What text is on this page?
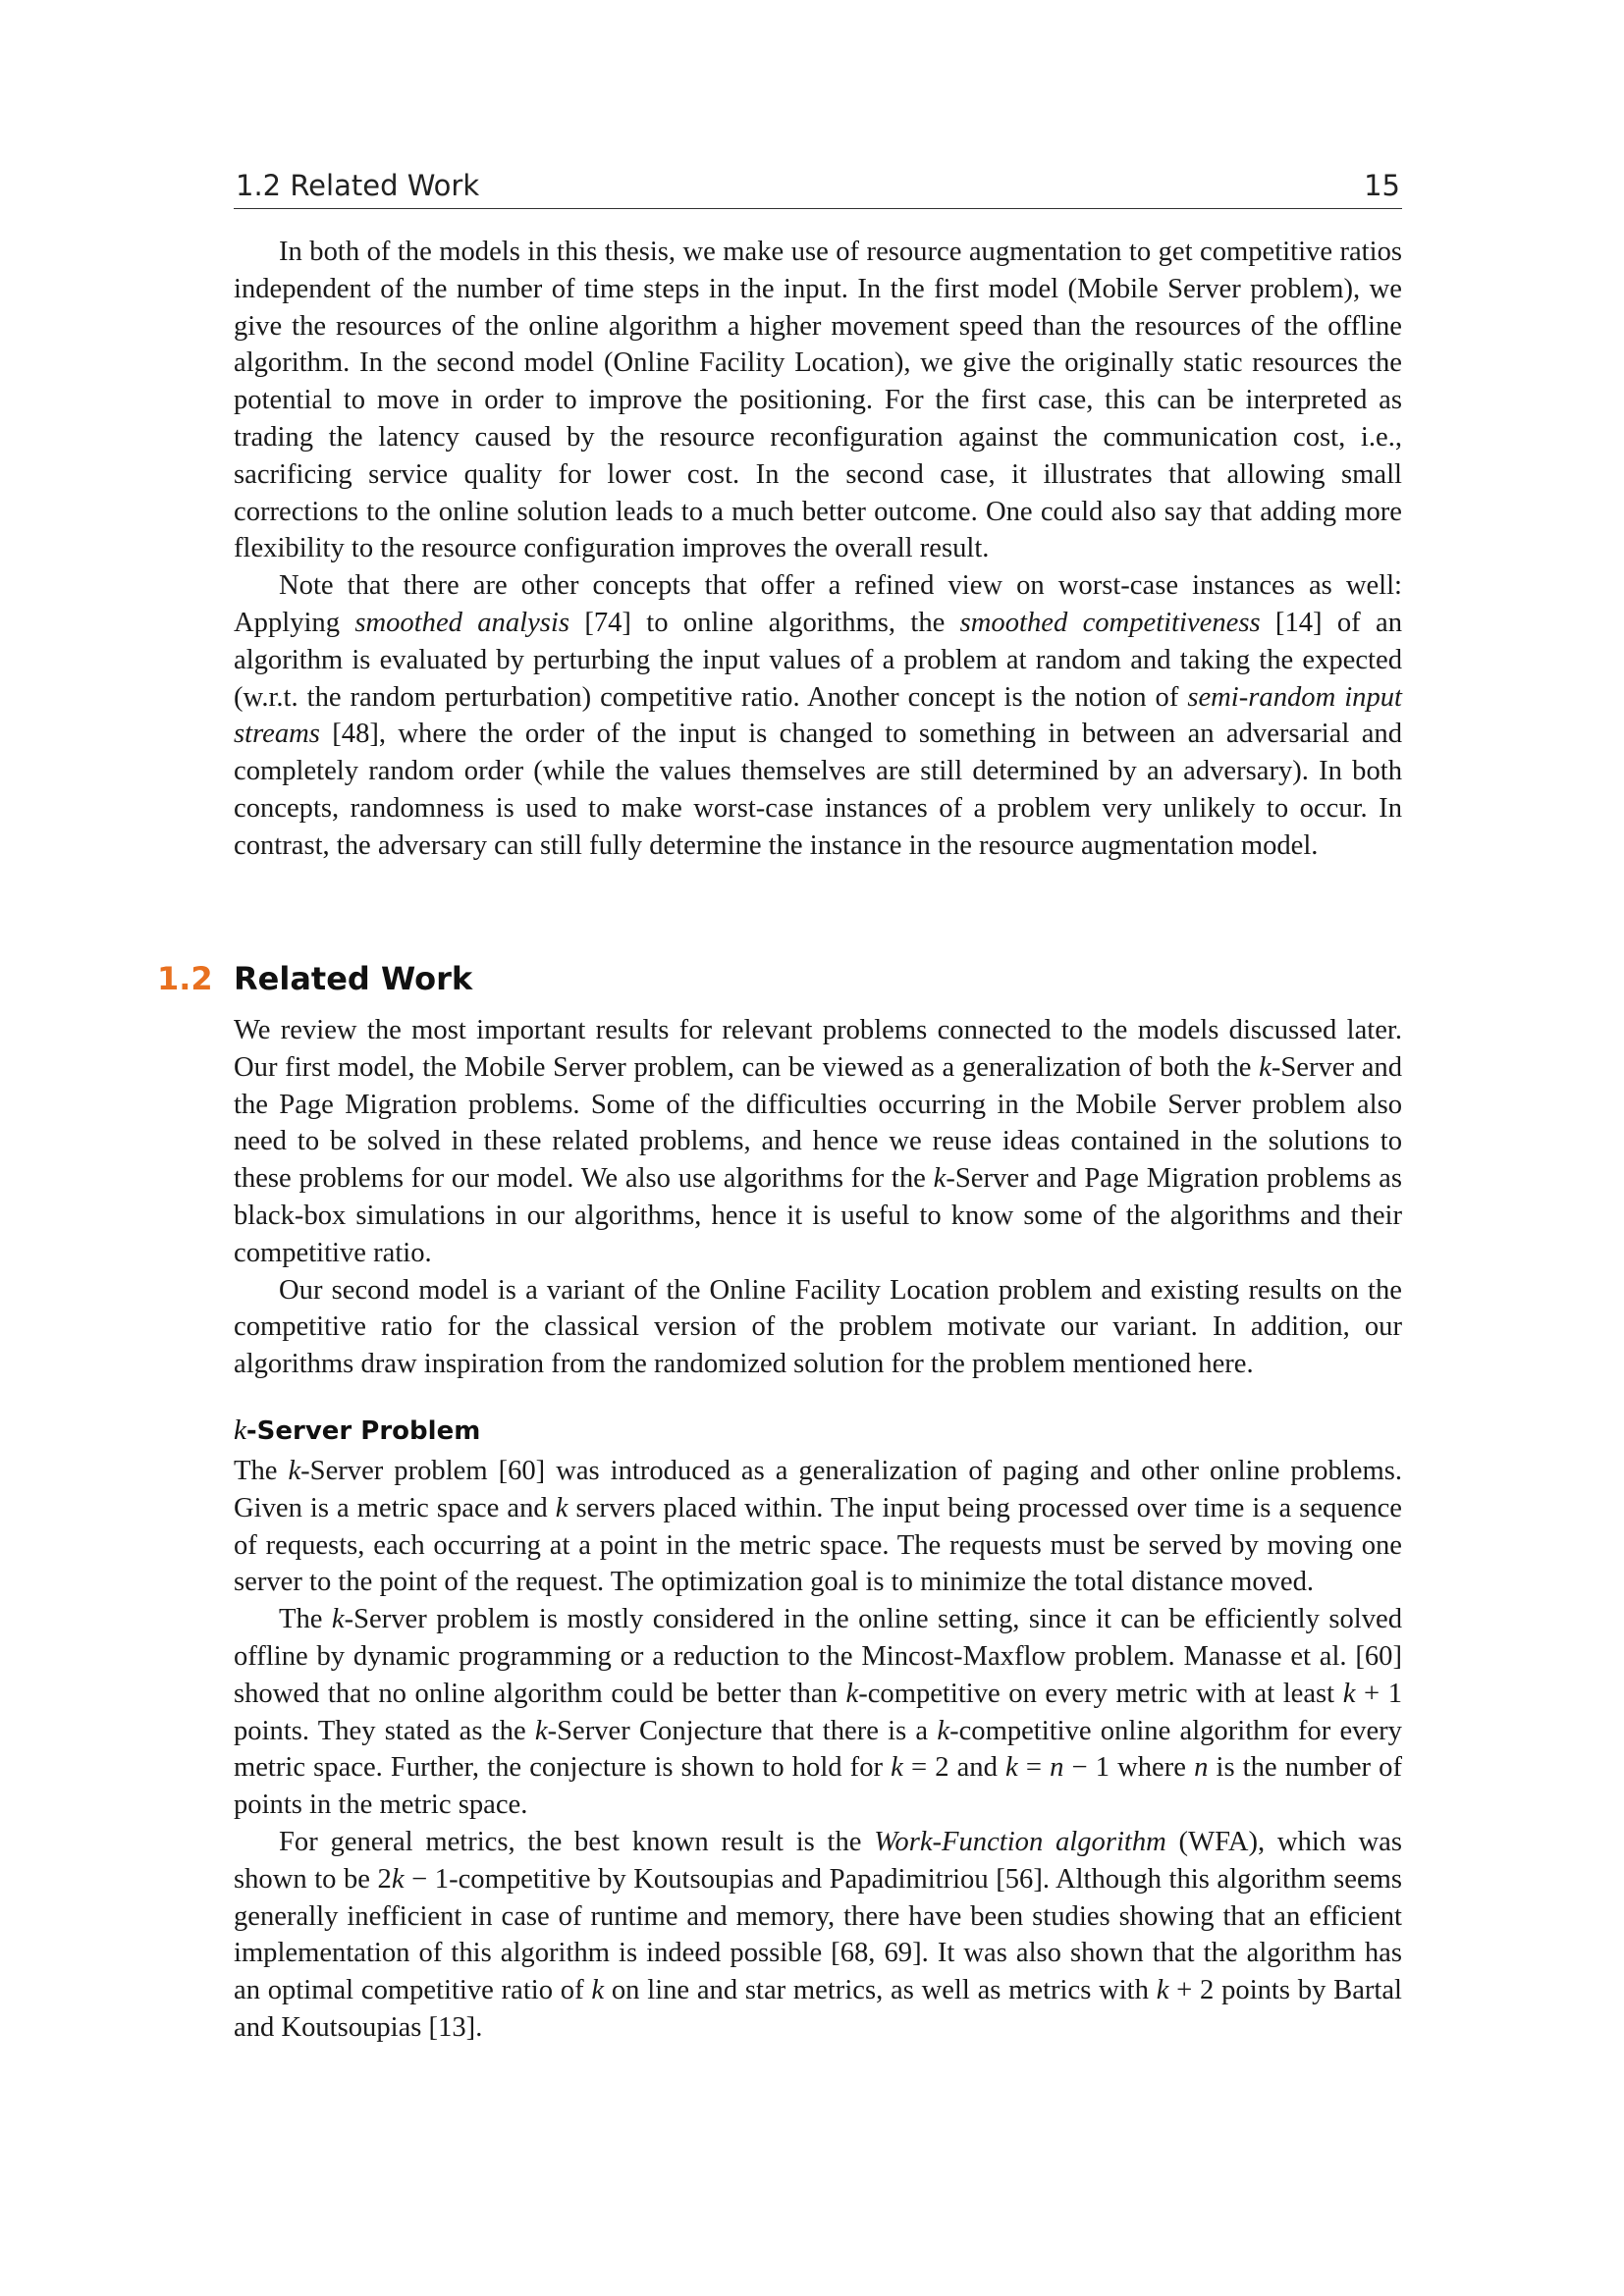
1.2 Related Work	15

In both of the models in this thesis, we make use of resource augmentation to get competitive ratios independent of the number of time steps in the input. In the first model (Mobile Server problem), we give the resources of the online algorithm a higher movement speed than the resources of the offline algorithm. In the second model (Online Facility Location), we give the originally static resources the potential to move in order to improve the positioning. For the first case, this can be interpreted as trading the latency caused by the resource reconfiguration against the communication cost, i.e., sacrificing service quality for lower cost. In the second case, it illustrates that allowing small corrections to the online solution leads to a much better outcome. One could also say that adding more flexibility to the resource configuration improves the overall result.

Note that there are other concepts that offer a refined view on worst-case instances as well: Applying smoothed analysis [74] to online algorithms, the smoothed competitiveness [14] of an algorithm is evaluated by perturbing the input values of a problem at random and taking the expected (w.r.t. the random perturbation) competitive ratio. Another concept is the notion of semi-random input streams [48], where the order of the input is changed to something in between an adversarial and completely random order (while the values themselves are still determined by an adversary). In both concepts, randomness is used to make worst-case instances of a problem very unlikely to occur. In contrast, the adversary can still fully determine the instance in the resource augmentation model.

1.2 Related Work

We review the most important results for relevant problems connected to the models discussed later. Our first model, the Mobile Server problem, can be viewed as a generalization of both the k-Server and the Page Migration problems. Some of the difficulties occurring in the Mobile Server problem also need to be solved in these related problems, and hence we reuse ideas contained in the solutions to these problems for our model. We also use algorithms for the k-Server and Page Migration problems as black-box simulations in our algorithms, hence it is useful to know some of the algorithms and their competitive ratio.

Our second model is a variant of the Online Facility Location problem and existing results on the competitive ratio for the classical version of the problem motivate our variant. In addition, our algorithms draw inspiration from the randomized solution for the problem mentioned here.

k-Server Problem

The k-Server problem [60] was introduced as a generalization of paging and other online problems. Given is a metric space and k servers placed within. The input being processed over time is a sequence of requests, each occurring at a point in the metric space. The requests must be served by moving one server to the point of the request. The optimization goal is to minimize the total distance moved.

The k-Server problem is mostly considered in the online setting, since it can be efficiently solved offline by dynamic programming or a reduction to the Mincost-Maxflow problem. Manasse et al. [60] showed that no online algorithm could be better than k-competitive on every metric with at least k + 1 points. They stated as the k-Server Conjecture that there is a k-competitive online algorithm for every metric space. Further, the conjecture is shown to hold for k = 2 and k = n − 1 where n is the number of points in the metric space.

For general metrics, the best known result is the Work-Function algorithm (WFA), which was shown to be 2k − 1-competitive by Koutsoupias and Papadimitriou [56]. Although this algorithm seems generally inefficient in case of runtime and memory, there have been studies showing that an efficient implementation of this algorithm is indeed possible [68, 69]. It was also shown that the algorithm has an optimal competitive ratio of k on line and star metrics, as well as metrics with k + 2 points by Bartal and Koutsoupias [13].
